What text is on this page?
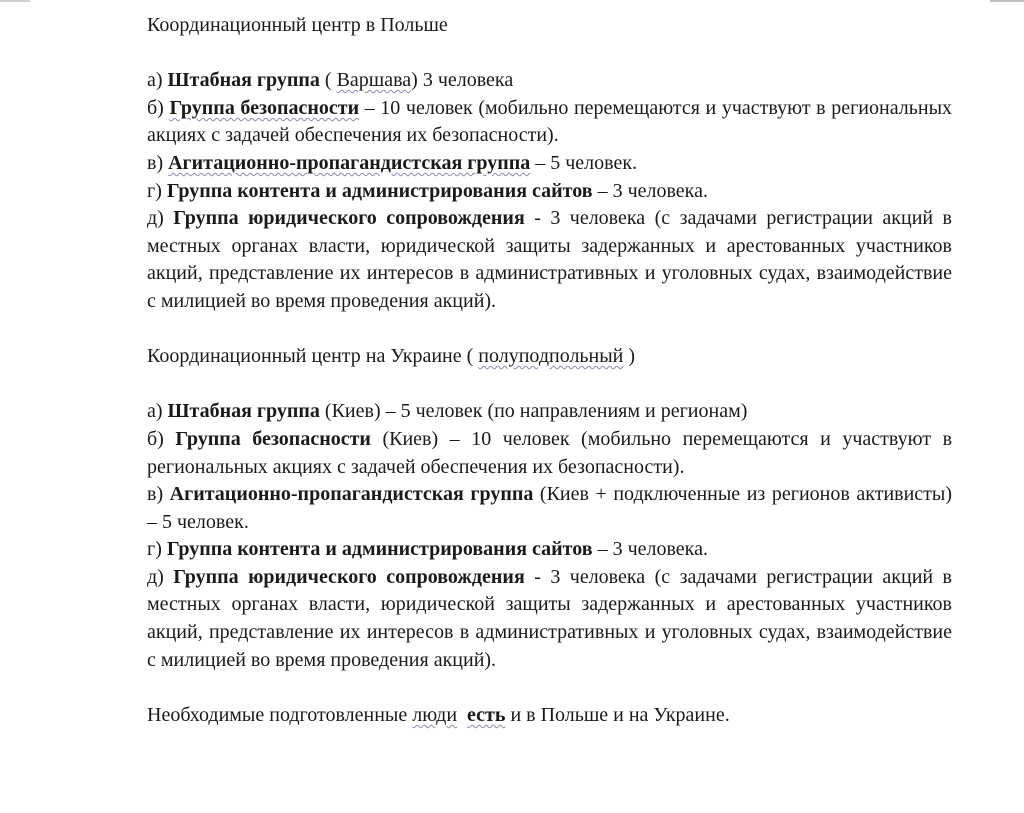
Координационный центр в Польше

а) Штабная группа ( Варшава) 3 человека

б) Группа безопасности – 10 человек (мобильно перемещаются и участвуют в региональных акциях с задачей обеспечения их безопасности).

в) Агитационно-пропагандистская группа – 5 человек.

г) Группа контента и администрирования сайтов – 3 человека.

д) Группа юридического сопровождения - 3 человека (с задачами регистрации акций в местных органах власти, юридической защиты задержанных и арестованных участников акций, представление их интересов в административных и уголовных судах, взаимодействие с милицией во время проведения акций).

Координационный центр на Украине ( полуподпольный )

а) Штабная группа (Киев) – 5 человек (по направлениям и регионам)

б) Группа безопасности (Киев) – 10 человек (мобильно перемещаются и участвуют в региональных акциях с задачей обеспечения их безопасности).

в) Агитационно-пропагандистская группа (Киев + подключенные из регионов активисты) – 5 человек.

г) Группа контента и администрирования сайтов – 3 человека.

д) Группа юридического сопровождения - 3 человека (с задачами регистрации акций в местных органах власти, юридической защиты задержанных и арестованных участников акций, представление их интересов в административных и уголовных судах, взаимодействие с милицией во время проведения акций).

Необходимые подготовленные люди есть и в Польше и на Украине.
